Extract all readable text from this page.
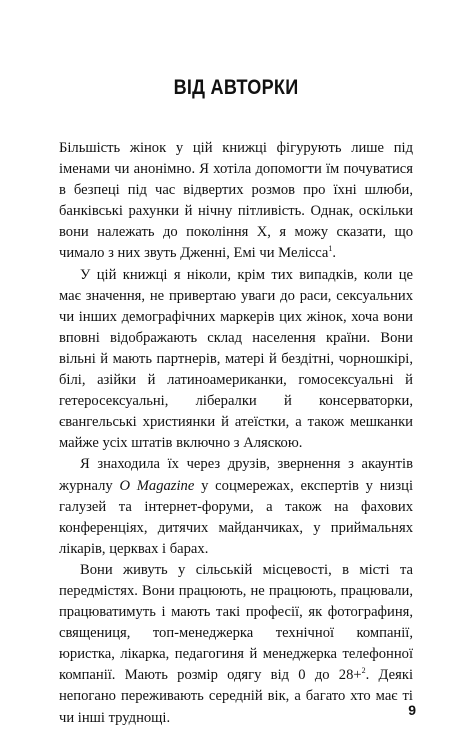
ВІД АВТОРКИ

Більшість жінок у цій книжці фігурують лише під іменами чи анонімно. Я хотіла допомогти їм почуватися в безпеці під час відвертих розмов про їхні шлюби, банківські рахунки й нічну пітливість. Однак, оскільки вони належать до покоління Х, я можу сказати, що чимало з них звуть Дженні, Емі чи Мелісса$^1$.

У цій книжці я ніколи, крім тих випадків, коли це має значення, не привертаю уваги до раси, сексуальних чи інших демографічних маркерів цих жінок, хоча вони вповні відображають склад населення країни. Вони вільні й мають партнерів, матері й бездітні, чорношкірі, білі, азійки й латиноамериканки, гомосексуальні й гетеросексуальні, лібералки й консерваторки, євангельські християнки й атеїстки, а також мешканки майже усіх штатів включно з Аляскою.

Я знаходила їх через друзів, звернення з акаунтів журналу O Magazine у соцмережах, експертів у низці галузей та інтернет-форуми, а також на фахових конференціях, дитячих майданчиках, у приймальнях лікарів, церквах і барах.

Вони живуть у сільській місцевості, в місті та передмістях. Вони працюють, не працюють, працювали, працюватимуть і мають такі професії, як фотографиня, священиця, топ-менеджерка технічної компанії, юристка, лікарка, педагогиня й менеджерка телефонної компанії. Мають розмір одягу від 0 до 28+$^2$. Деякі непогано переживають середній вік, а багато хто має ті чи інші труднощі.	9
